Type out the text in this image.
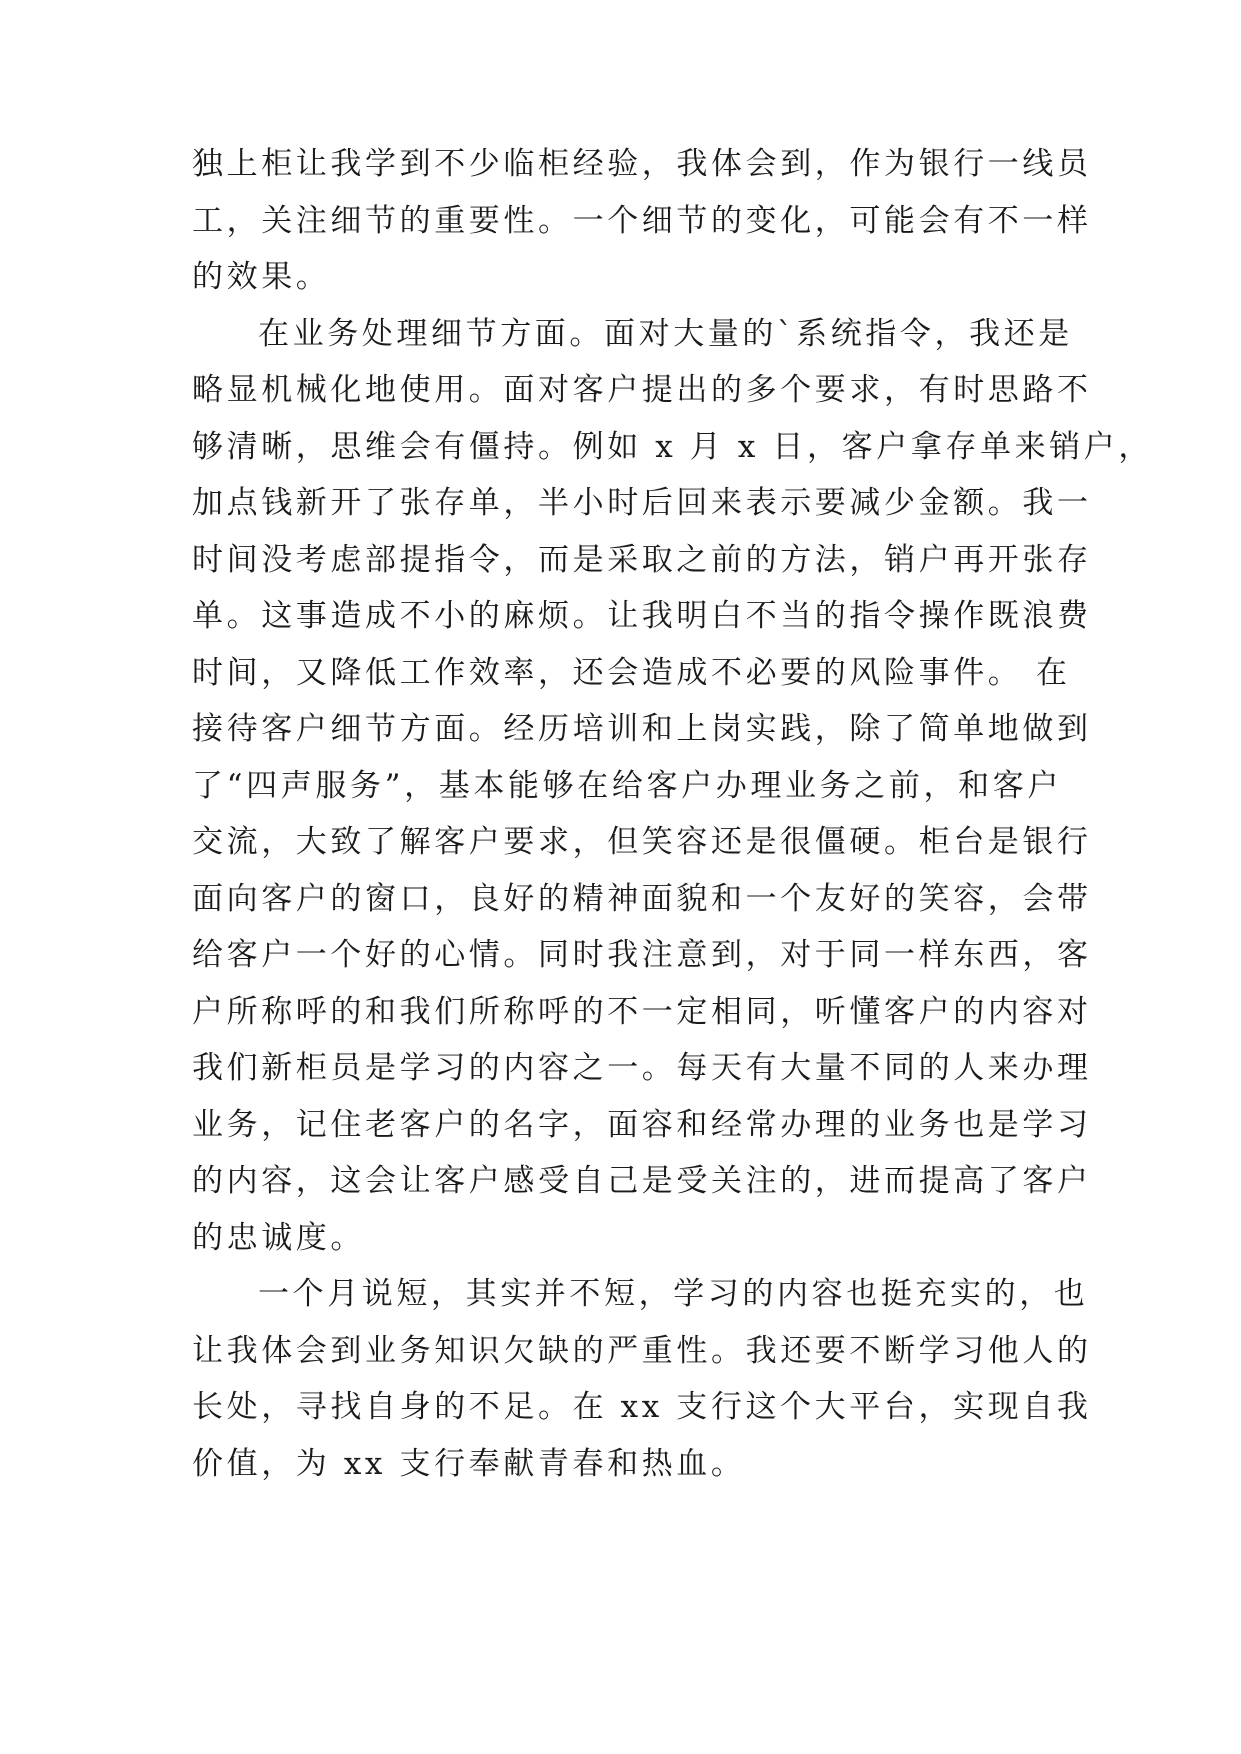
独上柜让我学到不少临柜经验，我体会到，作为银行一线员
工，关注细节的重要性。一个细节的变化，可能会有不一样
的效果。
在业务处理细节方面。面对大量的`系统指令，我还是
略显机械化地使用。面对客户提出的多个要求，有时思路不
够清晰，思维会有僵持。例如 x 月 x 日，客户拿存单来销户，
加点钱新开了张存单，半小时后回来表示要减少金额。我一
时间没考虑部提指令，而是采取之前的方法，销户再开张存
单。这事造成不小的麻烦。让我明白不当的指令操作既浪费
时间，又降低工作效率，还会造成不必要的风险事件。 在
接待客户细节方面。经历培训和上岗实践，除了简单地做到
了“四声服务”，基本能够在给客户办理业务之前，和客户
交流，大致了解客户要求，但笑容还是很僵硬。柜台是银行
面向客户的窗口，良好的精神面貌和一个友好的笑容，会带
给客户一个好的心情。同时我注意到，对于同一样东西，客
户所称呼的和我们所称呼的不一定相同，听懂客户的内容对
我们新柜员是学习的内容之一。每天有大量不同的人来办理
业务，记住老客户的名字，面容和经常办理的业务也是学习
的内容，这会让客户感受自己是受关注的，进而提高了客户
的忠诚度。
一个月说短，其实并不短，学习的内容也挺充实的，也
让我体会到业务知识欠缺的严重性。我还要不断学习他人的
长处，寻找自身的不足。在 xx 支行这个大平台，实现自我
价值，为 xx 支行奉献青春和热血。
